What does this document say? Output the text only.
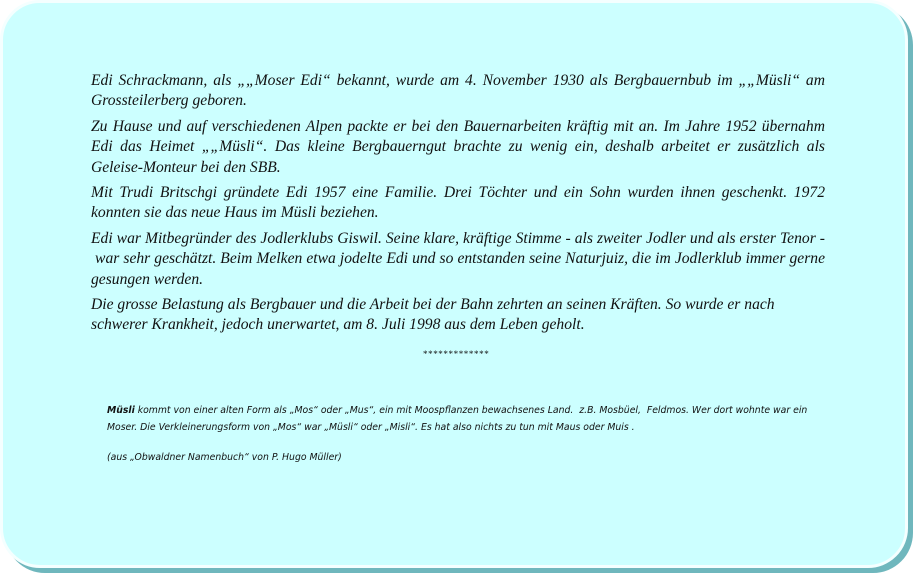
Edi Schrackmann, als „„Moser Edi“ bekannt, wurde am 4. November 1930 als Bergbauernbub im „„Müsli“ am Grossteilerberg geboren.

Zu Hause und auf verschiedenen Alpen packte er bei den Bauernarbeiten kräftig mit an. Im Jahre 1952 übernahm Edi das Heimet „„Müsli“. Das kleine Bergbauerngut brachte zu wenig ein, deshalb arbeitet er zusätzlich als Geleise-Monteur bei den SBB.

Mit Trudi Britschgi gründete Edi 1957 eine Familie. Drei Töchter und ein Sohn wurden ihnen geschenkt. 1972 konnten sie das neue Haus im Müsli beziehen.

Edi war Mitbegründer des Jodlerklubs Giswil. Seine klare, kräftige Stimme - als zweiter Jodler und als erster Tenor -  war sehr geschätzt. Beim Melken etwa jodelte Edi und so entstanden seine Naturjuiz, die im Jodlerklub immer gerne gesungen werden.

Die grosse Belastung als Bergbauer und die Arbeit bei der Bahn zehrten an seinen Kräften. So wurde er nach schwerer Krankheit, jedoch unerwartet, am 8. Juli 1998 aus dem Leben geholt.

*************

Müsli kommt von einer alten Form als „Mos“ oder „Mus“, ein mit Moospflanzen bewachsenes Land.  z.B. Mosbüel,  Feldmos. Wer dort wohnte war ein Moser. Die Verkleinerungsform von „Mos“ war „Müsli“ oder „Misli“. Es hat also nichts zu tun mit Maus oder Muis .

(aus „Obwaldner Namenbuch“ von P. Hugo Müller)
